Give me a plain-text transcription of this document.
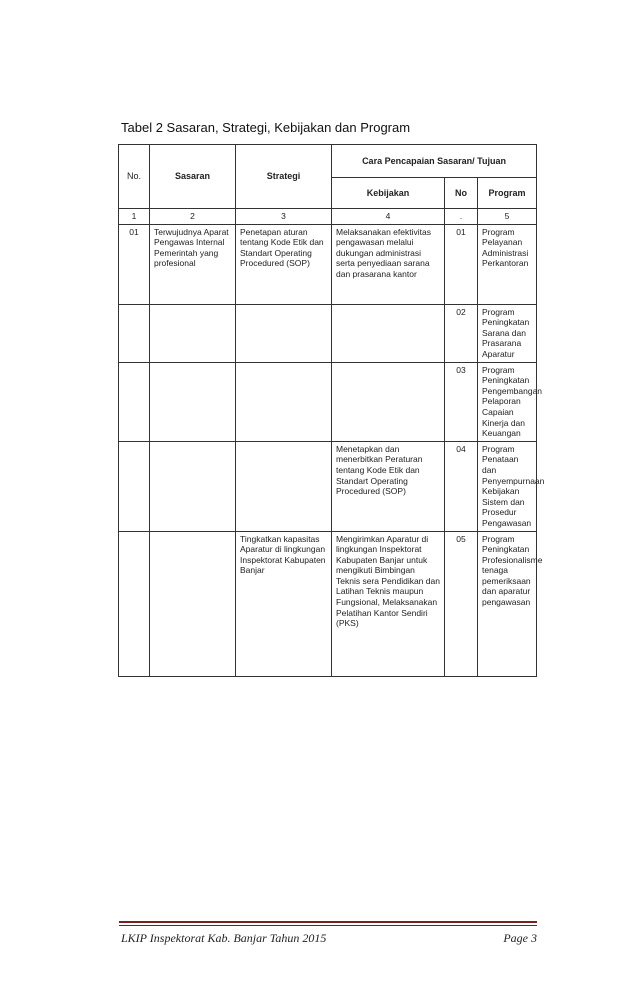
Tabel 2 Sasaran, Strategi, Kebijakan dan Program
No.	Sasaran	Strategi	Cara Pencapaian Sasaran/ Tujuan		
			Kebijakan	No	Program
1	2	3	4	.	5
01	Terwujudnya Aparat Pengawas Internal Pemerintah yang profesional	Penetapan aturan tentang Kode Etik dan Standart Operating Procedured (SOP)	Melaksanakan efektivitas pengawasan melalui dukungan administrasi serta penyediaan sarana dan prasarana kantor	01	Program Pelayanan Administrasi Perkantoran
				02	Program Peningkatan Sarana dan Prasarana Aparatur
				03	Program Peningkatan Pengembangan Pelaporan Capaian Kinerja dan Keuangan
			Menetapkan dan menerbitkan Peraturan tentang Kode Etik dan Standart Operating Procedured (SOP)	04	Program Penataan dan Penyempurnaan Kebijakan Sistem dan Prosedur Pengawasan
		Tingkatkan kapasitas Aparatur di lingkungan Inspektorat Kabupaten Banjar	Mengirimkan Aparatur di lingkungan Inspektorat Kabupaten Banjar untuk mengikuti Bimbingan Teknis sera Pendidikan dan Latihan Teknis maupun Fungsional, Melaksanakan Pelatihan Kantor Sendiri (PKS)	05	Program Peningkatan Profesionalisme tenaga pemeriksaan dan aparatur pengawasan
LKIP Inspektorat Kab. Banjar Tahun 2015	Page 3
